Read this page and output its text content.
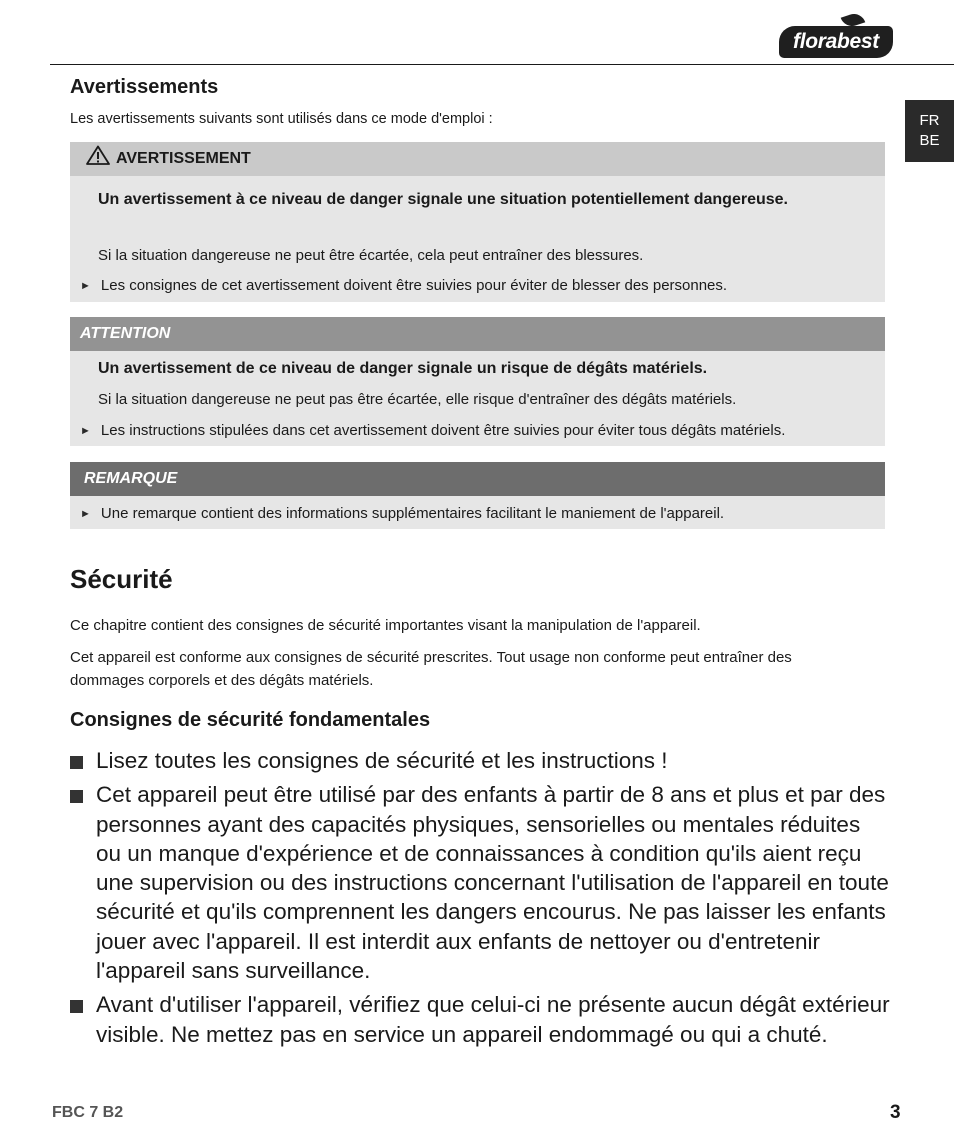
florabest
FR
BE
Avertissements
Les avertissements suivants sont utilisés dans ce mode d'emploi :
AVERTISSEMENT
Un avertissement à ce niveau de danger signale une situation potentiellement dangereuse.
Si la situation dangereuse ne peut être écartée, cela peut entraîner des blessures.
► Les consignes de cet avertissement doivent être suivies pour éviter de blesser des personnes.
ATTENTION
Un avertissement de ce niveau de danger signale un risque de dégâts matériels.
Si la situation dangereuse ne peut pas être écartée, elle risque d'entraîner des dégâts matériels.
► Les instructions stipulées dans cet avertissement doivent être suivies pour éviter tous dégâts matériels.
REMARQUE
► Une remarque contient des informations supplémentaires facilitant le maniement de l'appareil.
Sécurité
Ce chapitre contient des consignes de sécurité importantes visant la manipulation de l'appareil.
Cet appareil est conforme aux consignes de sécurité prescrites. Tout usage non conforme peut entraîner des dommages corporels et des dégâts matériels.
Consignes de sécurité fondamentales
Lisez toutes les consignes de sécurité et les instructions !
Cet appareil peut être utilisé par des enfants à partir de 8 ans et plus et par des personnes ayant des capacités physiques, sensorielles ou mentales réduites ou un manque d'expérience et de connaissances à condition qu'ils aient reçu une supervision ou des instructions concernant l'utilisation de l'appareil en toute sécurité et qu'ils comprennent les dangers encourus. Ne pas laisser les enfants jouer avec l'appareil. Il est interdit aux enfants de nettoyer ou d'entretenir l'appareil sans surveillance.
Avant d'utiliser l'appareil, vérifiez que celui-ci ne présente aucun dégât extérieur visible. Ne mettez pas en service un appareil endommagé ou qui a chuté.
FBC 7 B2	3
